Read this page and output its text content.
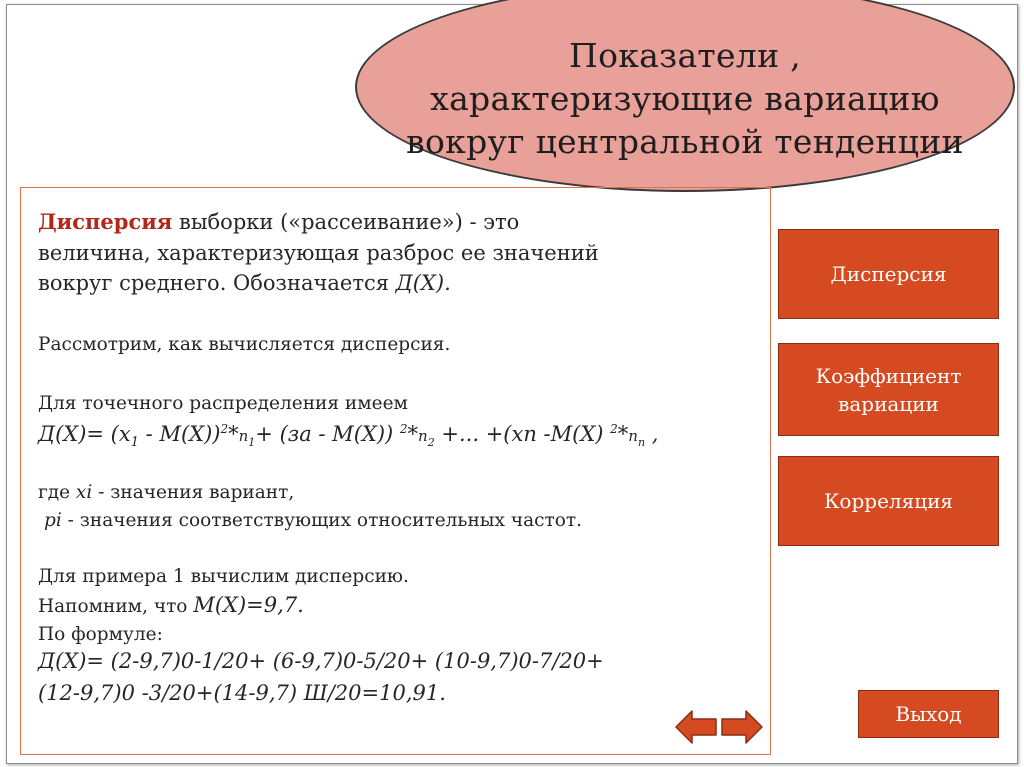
Показатели , характеризующие вариацию вокруг центральной тенденции
Дисперсия выборки («рассеивание») - это
величина, характеризующая разброс ее значений
вокруг среднего. Обозначается Д(Х).
Рассмотрим, как вычисляется дисперсия.
Для точечного распределения имеем
$Д(Х)= (х_1 - М(Х))^2*n_1+ (за - М(Х))$ $^2*n_2$ +... +(хn -М(Х) $^2*n_n$ ,
где хi - значения вариант,
pi - значения соответствующих относительных частот.
Для примера 1 вычислим дисперсию.
Напомним, что М(Х)=9,7.
По формуле:
Д(Х)= (2-9,7)0-1/20+ (6-9,7)0-5/20+ (10-9,7)0-7/20+
(12-9,7)0 -3/20+(14-9,7) Ш/20=10,91.
Дисперсия
Коэффициент вариации
Корреляция
Выход
